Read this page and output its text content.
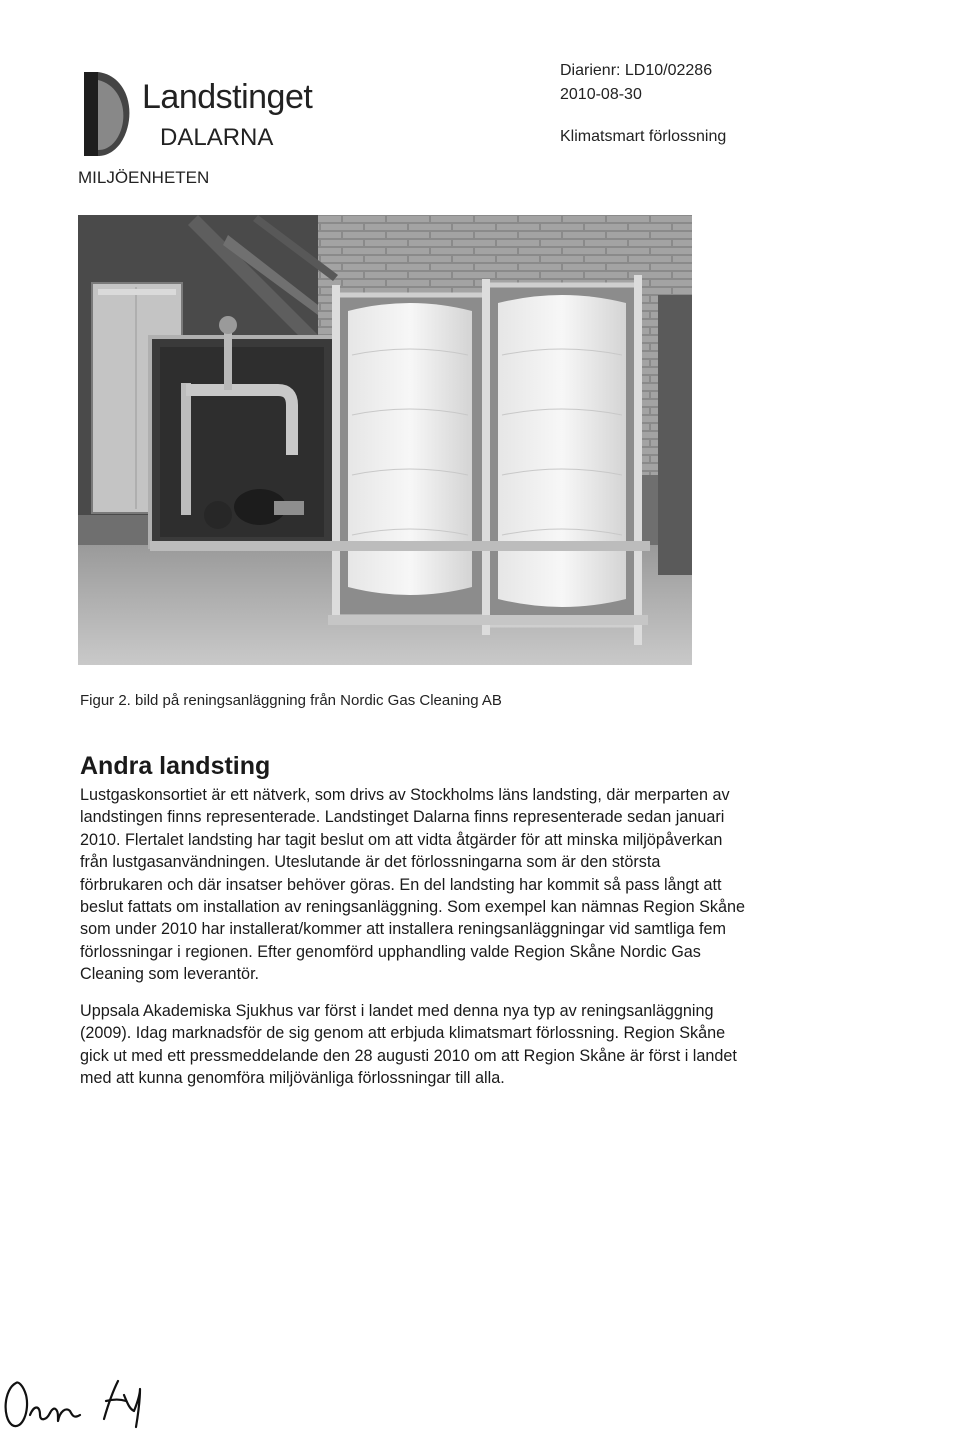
Landstinget
DALARNA
MILJÖENHETEN
Diarienr: LD10/02286
2010-08-30
Klimatsmart förlossning
Figur 2. bild på reningsanläggning från Nordic Gas Cleaning AB
Andra landsting

Lustgaskonsortiet är ett nätverk, som drivs av Stockholms läns landsting, där merparten av
landstingen finns representerade. Landstinget Dalarna finns representerade sedan januari
2010. Flertalet landsting har tagit beslut om att vidta åtgärder för att minska miljöpåverkan
från lustgasanvändningen. Uteslutande är det förlossningarna som är den största
förbrukaren och där insatser behöver göras. En del landsting har kommit så pass långt att
beslut fattats om installation av reningsanläggning. Som exempel kan nämnas Region Skåne
som under 2010 har installerat/kommer att installera reningsanläggningar vid samtliga fem
förlossningar i regionen. Efter genomförd upphandling valde Region Skåne Nordic Gas
Cleaning som leverantör.

Uppsala Akademiska Sjukhus var först i landet med denna nya typ av reningsanläggning
(2009). Idag marknadsför de sig genom att erbjuda klimatsmart förlossning. Region Skåne
gick ut med ett pressmeddelande den 28 augusti 2010 om att Region Skåne är först i landet
med att kunna genomföra miljövänliga förlossningar till alla.
